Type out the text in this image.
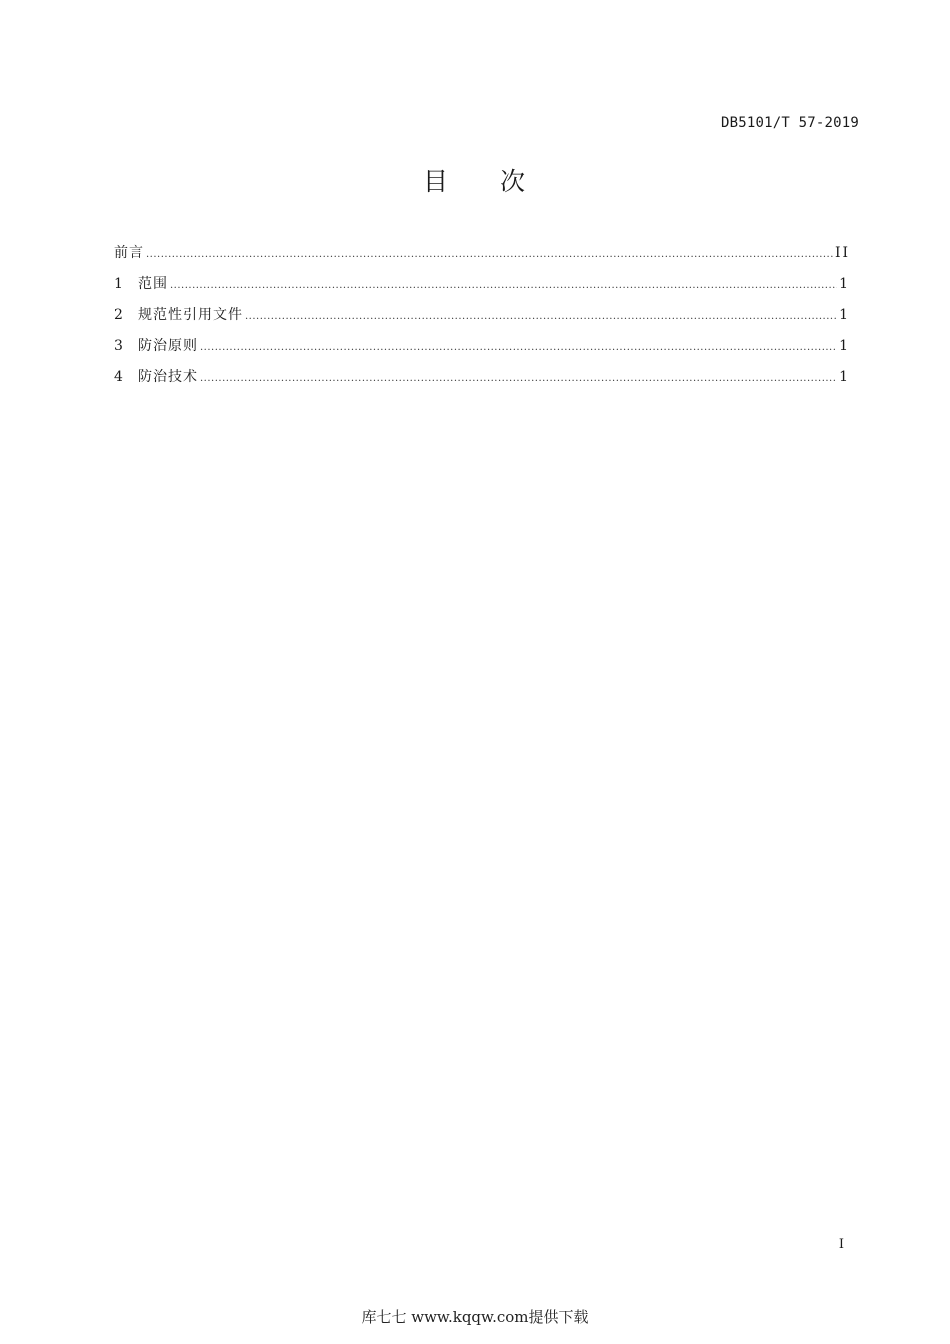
DB5101/T 57-2019
目 次
前言 .....	II
1	范围 .....	1
2	规范性引用文件 .....	1
3	防治原则 .....	1
4	防治技术 .....	1
I
库七七 www.kqqw.com提供下载
